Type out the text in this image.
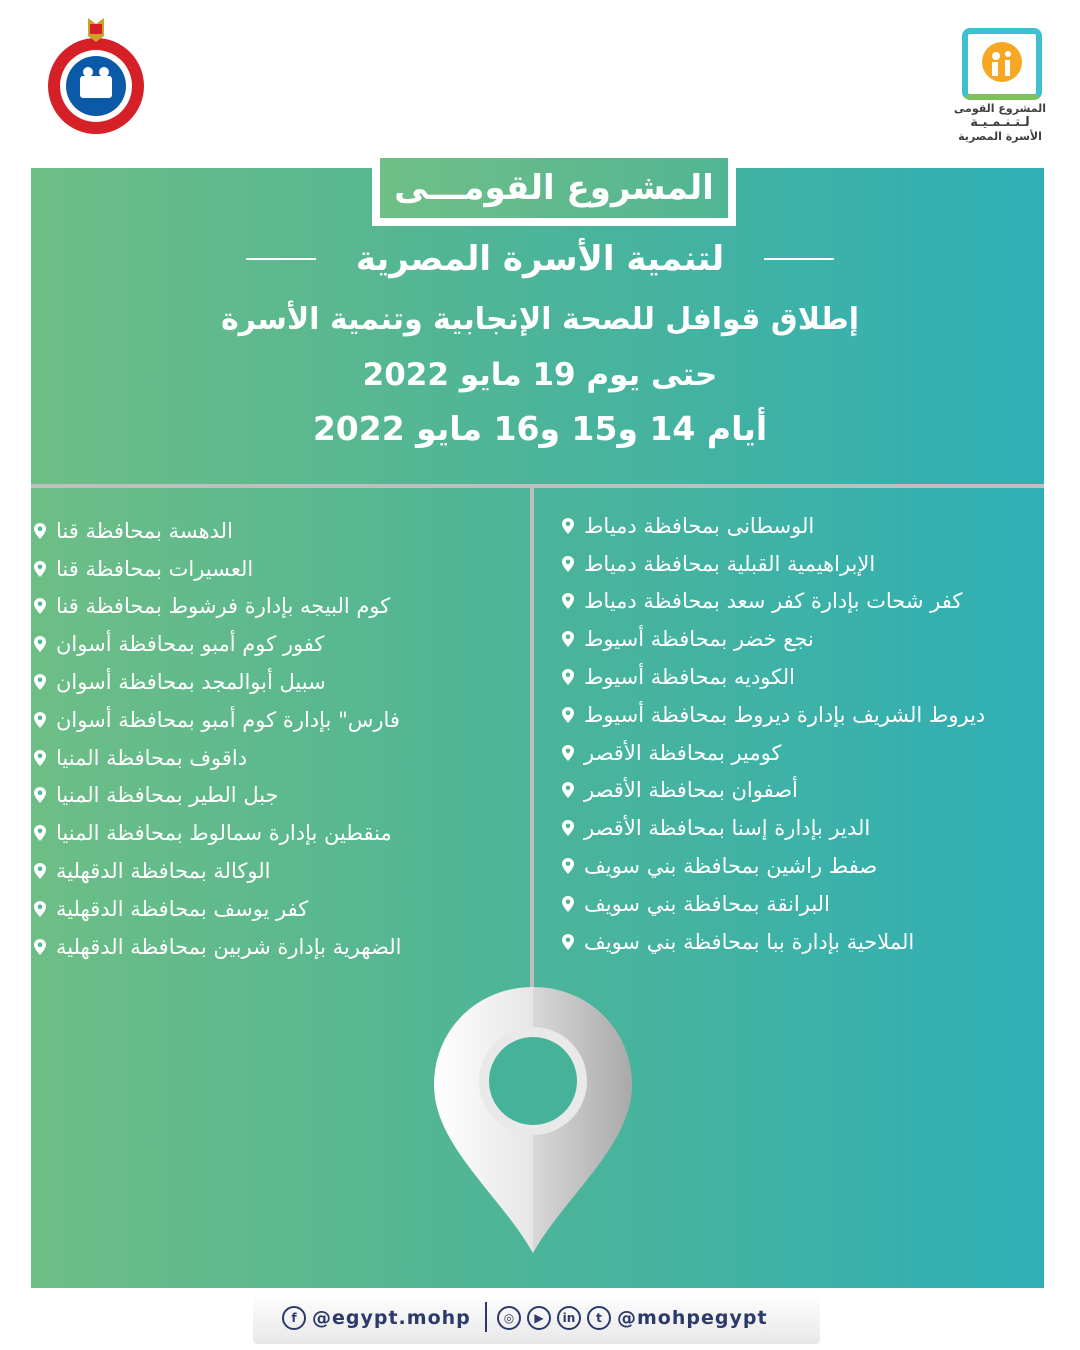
المشروع القومى
لـتـنـمـيـة
الأسرة المصرية
المشروع القومـــى
لتنمية الأسرة المصرية
إطلاق قوافل للصحة الإنجابية وتنمية الأسرة
حتى يوم 19 مايو 2022
أيام 14 و15 و16 مايو 2022
الوسطانى بمحافظة دمياط
الإبراهيمية القبلية بمحافظة دمياط
كفر شحات بإدارة كفر سعد بمحافظة دمياط
نجع خضر بمحافظة أسيوط
الكوديه بمحافظة أسيوط
ديروط الشريف بإدارة ديروط بمحافظة أسيوط
كومير بمحافظة الأقصر
أصفوان بمحافظة الأقصر
الدير بإدارة إسنا بمحافظة الأقصر
صفط راشين بمحافظة بني سويف
البرانقة بمحافظة بني سويف
الملاحية بإدارة ببا بمحافظة بني سويف
الدهسة بمحافظة قنا
العسيرات بمحافظة قنا
كوم البيجه بإدارة فرشوط بمحافظة قنا
كفور كوم أمبو بمحافظة أسوان
سبيل أبوالمجد بمحافظة أسوان
فارس" بإدارة كوم أمبو بمحافظة أسوان
داقوف بمحافظة المنيا
جبل الطير بمحافظة المنيا
منقطين بإدارة سمالوط بمحافظة المنيا
الوكالة بمحافظة الدقهلية
كفر يوسف بمحافظة الدقهلية
الضهرية بإدارة شربين بمحافظة الدقهلية
f @egypt.mohp	◎	▶	in	t @mohpegypt
